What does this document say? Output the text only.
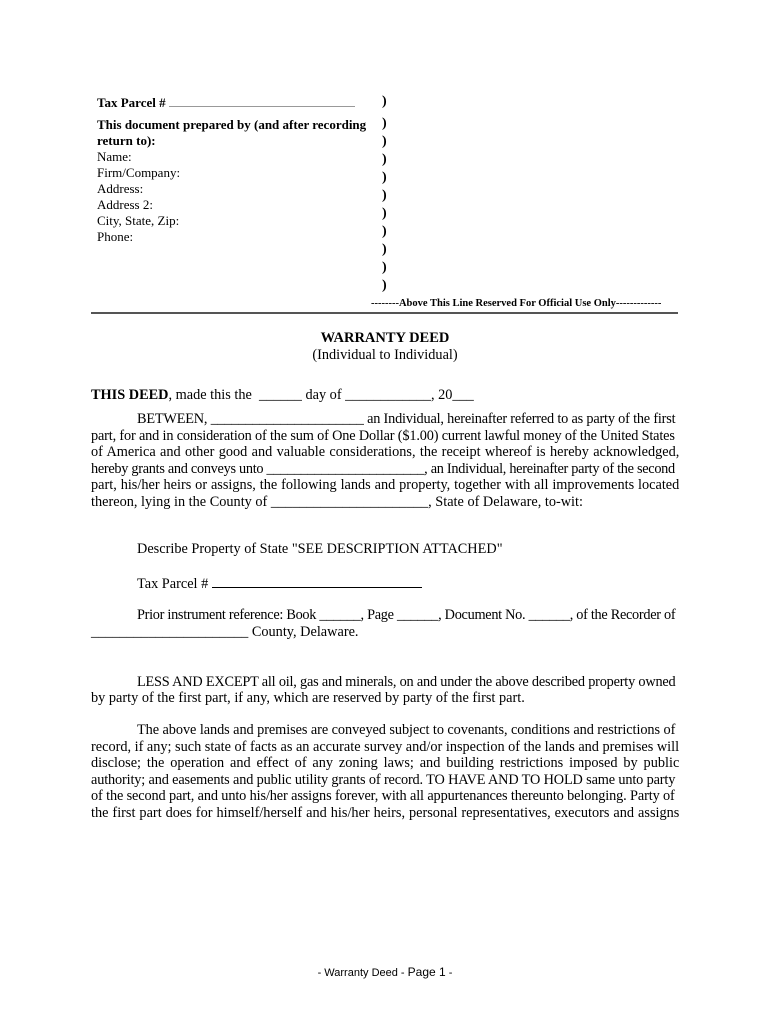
Tax Parcel #
This document prepared by (and after recording
return to):
Name:
Firm/Company:
Address:
Address 2:
City, State, Zip:
Phone:
)
)
)
)
)
)
)
)
)
)
)
--------Above This Line Reserved For Official Use Only-------------
WARRANTY DEED
(Individual to Individual)
THIS DEED, made this the  ______ day of ____________, 20___
BETWEEN, ______________________ an Individual, hereinafter referred to as party of the first
part, for and in consideration of the sum of One Dollar ($1.00) current lawful money of the United States
of America and other good and valuable considerations, the receipt whereof is hereby acknowledged,
hereby grants and conveys unto _______________________, an Individual, hereinafter party of the second
part, his/her heirs or assigns, the following lands and property, together with all improvements located
thereon, lying in the County of ______________________, State of Delaware, to-wit:
Describe Property of State "SEE DESCRIPTION ATTACHED"
Tax Parcel #
Prior instrument reference: Book ______, Page ______, Document No. ______, of the Recorder of
______________________ County, Delaware.
LESS AND EXCEPT all oil, gas and minerals, on and under the above described property owned
by party of the first part, if any, which are reserved by party of the first part.
The above lands and premises are conveyed subject to covenants, conditions and restrictions of
record, if any; such state of facts as an accurate survey and/or inspection of the lands and premises will
disclose; the operation and effect of any zoning laws; and building restrictions imposed by public
authority; and easements and public utility grants of record. TO HAVE AND TO HOLD same unto party
of the second part, and unto his/her assigns forever, with all appurtenances thereunto belonging. Party of
the first part does for himself/herself and his/her heirs, personal representatives, executors and assigns
- Warranty Deed - Page 1 -
